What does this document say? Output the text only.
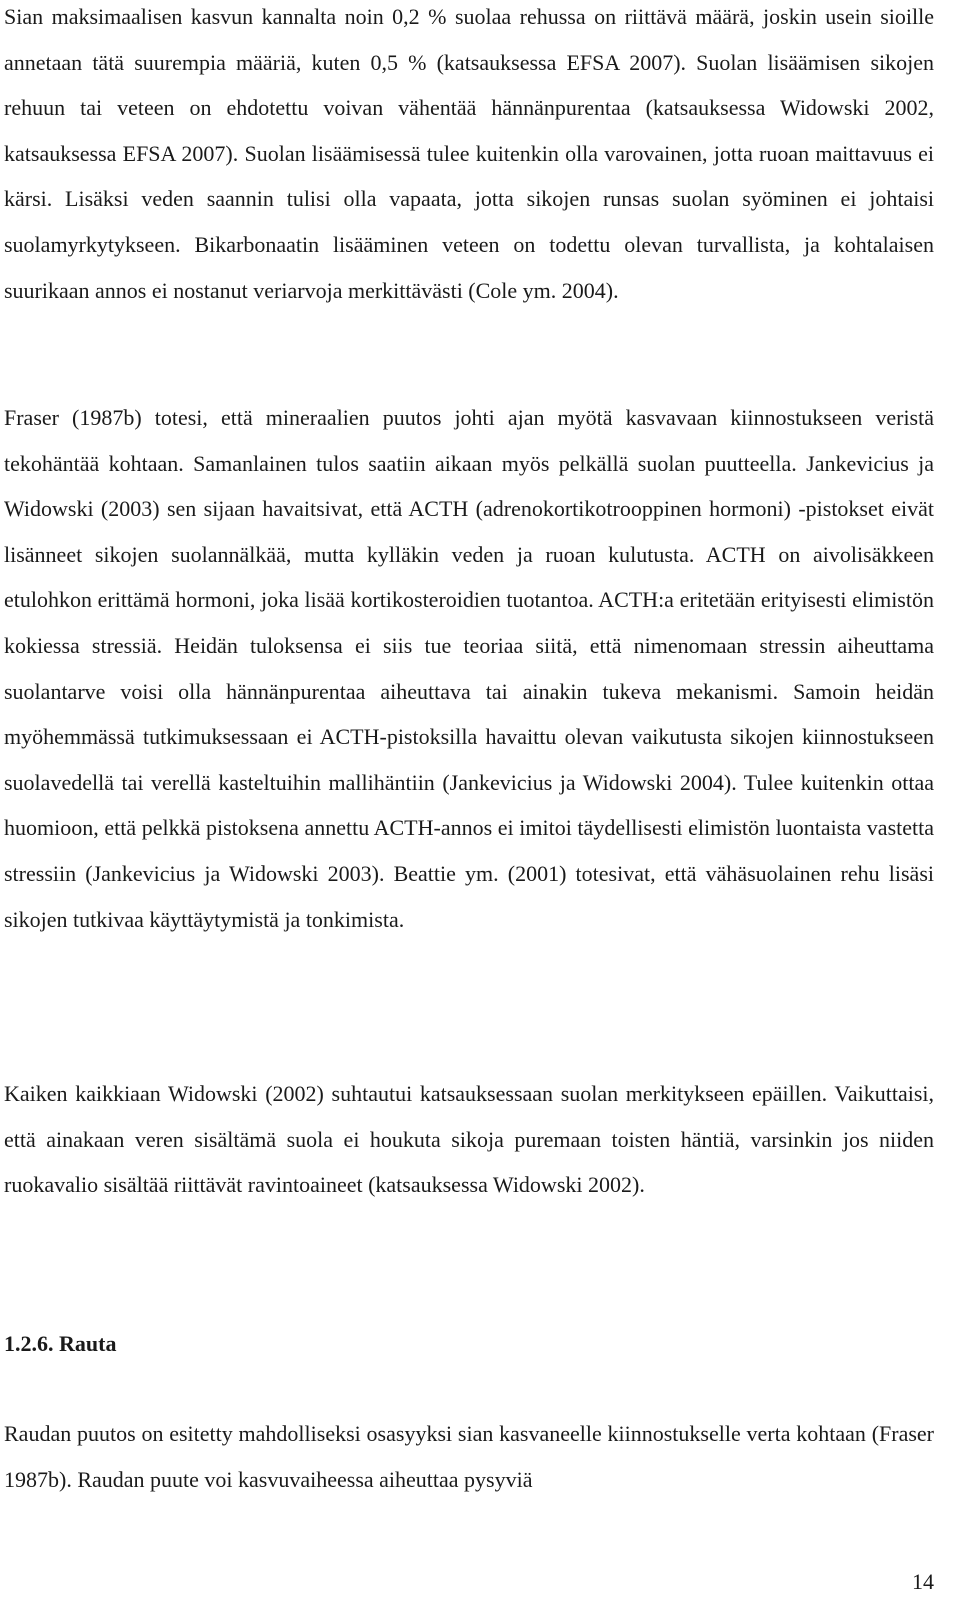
Sian maksimaalisen kasvun kannalta noin 0,2 % suolaa rehussa on riittävä määrä, joskin usein sioille annetaan tätä suurempia määriä, kuten 0,5 % (katsauksessa EFSA 2007). Suolan lisäämisen sikojen rehuun tai veteen on ehdotettu voivan vähentää hännänpurentaa (katsauksessa Widowski 2002, katsauksessa EFSA 2007). Suolan lisäämisessä tulee kuitenkin olla varovainen, jotta ruoan maittavuus ei kärsi. Lisäksi veden saannin tulisi olla vapaata, jotta sikojen runsas suolan syöminen ei johtaisi suolamyrkytykseen. Bikarbonaatin lisääminen veteen on todettu olevan turvallista, ja kohtalaisen suurikaan annos ei nostanut veriarvoja merkittävästi (Cole ym. 2004).

Fraser (1987b) totesi, että mineraalien puutos johti ajan myötä kasvavaan kiinnostukseen veristä tekohäntää kohtaan. Samanlainen tulos saatiin aikaan myös pelkällä suolan puutteella. Jankevicius ja Widowski (2003) sen sijaan havaitsivat, että ACTH (adrenokortikotrooppinen hormoni) -pistokset eivät lisänneet sikojen suolannälkää, mutta kylläkin veden ja ruoan kulutusta. ACTH on aivolisäkkeen etulohkon erittämä hormoni, joka lisää kortikosteroidien tuotantoa. ACTH:a eritetään erityisesti elimistön kokiessa stressiä. Heidän tuloksensa ei siis tue teoriaa siitä, että nimenomaan stressin aiheuttama suolantarve voisi olla hännänpurentaa aiheuttava tai ainakin tukeva mekanismi. Samoin heidän myöhemmässä tutkimuksessaan ei ACTH-pistoksilla havaittu olevan vaikutusta sikojen kiinnostukseen suolavedellä tai verellä kasteltuihin mallihäntiin (Jankevicius ja Widowski 2004). Tulee kuitenkin ottaa huomioon, että pelkkä pistoksena annettu ACTH-annos ei imitoi täydellisesti elimistön luontaista vastetta stressiin (Jankevicius ja Widowski 2003). Beattie ym. (2001) totesivat, että vähäsuolainen rehu lisäsi sikojen tutkivaa käyttäytymistä ja tonkimista.

Kaiken kaikkiaan Widowski (2002) suhtautui katsauksessaan suolan merkitykseen epäillen. Vaikuttaisi, että ainakaan veren sisältämä suola ei houkuta sikoja puremaan toisten häntiä, varsinkin jos niiden ruokavalio sisältää riittävät ravintoaineet (katsauksessa Widowski 2002).

1.2.6. Rauta

Raudan puutos on esitetty mahdolliseksi osasyyksi sian kasvaneelle kiinnostukselle verta kohtaan (Fraser 1987b). Raudan puute voi kasvuvaiheessa aiheuttaa pysyviä

14
